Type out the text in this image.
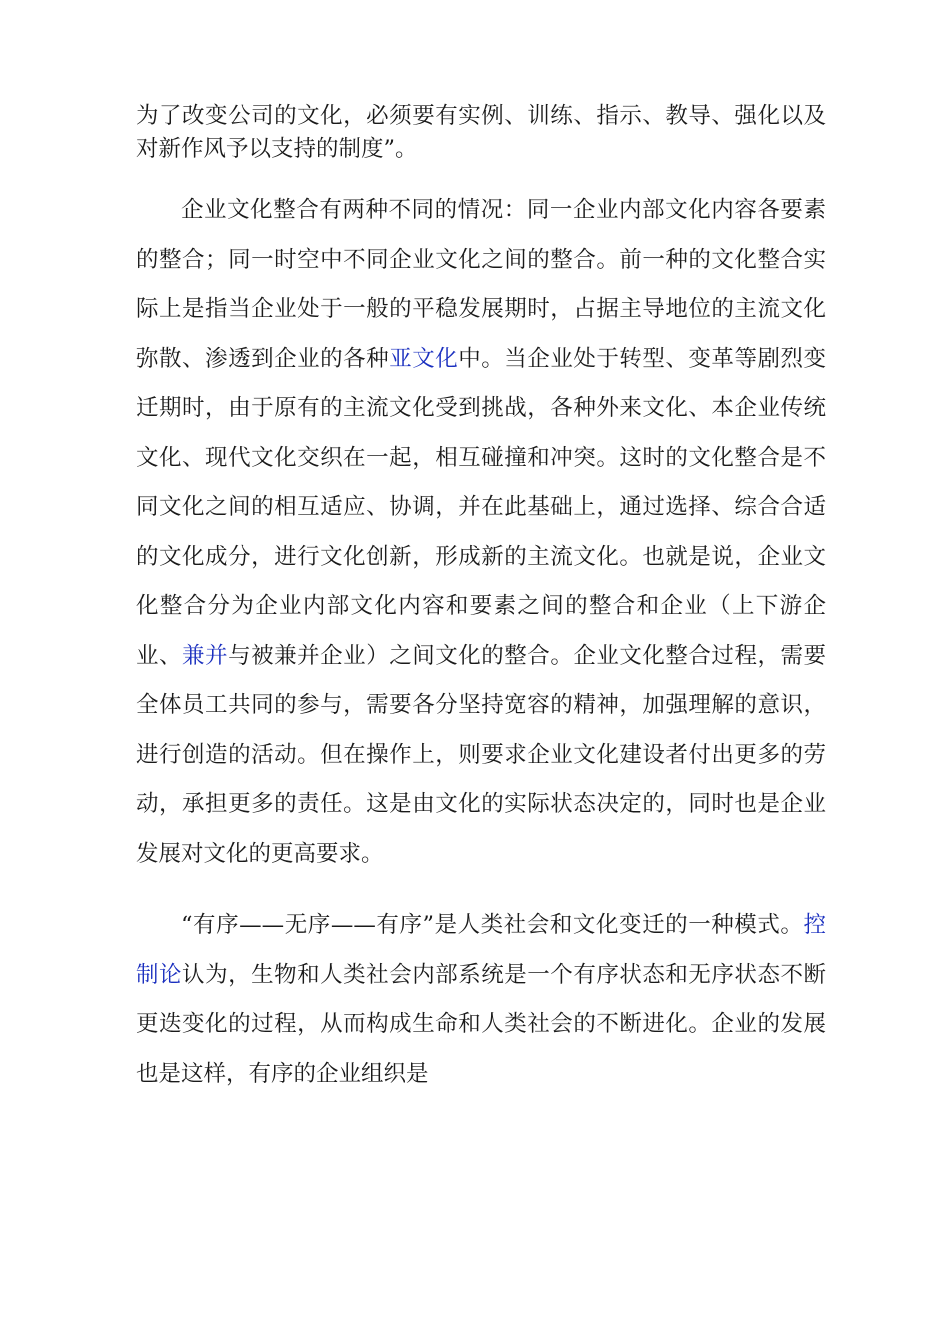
为了改变公司的文化，必须要有实例、训练、指示、教导、强化以及对新作风予以支持的制度”。

企业文化整合有两种不同的情况：同一企业内部文化内容各要素的整合；同一时空中不同企业文化之间的整合。前一种的文化整合实际上是指当企业处于一般的平稳发展期时，占据主导地位的主流文化弥散、渗透到企业的各种亚文化中。当企业处于转型、变革等剧烈变迁期时，由于原有的主流文化受到挑战，各种外来文化、本企业传统文化、现代文化交织在一起，相互碰撞和冲突。这时的文化整合是不同文化之间的相互适应、协调，并在此基础上，通过选择、综合合适的文化成分，进行文化创新，形成新的主流文化。也就是说，企业文化整合分为企业内部文化内容和要素之间的整合和企业（上下游企业、兼并与被兼并企业）之间文化的整合。企业文化整合过程，需要全体员工共同的参与，需要各分坚持宽容的精神，加强理解的意识，进行创造的活动。但在操作上，则要求企业文化建设者付出更多的劳动，承担更多的责任。这是由文化的实际状态决定的，同时也是企业发展对文化的更高要求。

“有序——无序——有序”是人类社会和文化变迁的一种模式。控制论认为，生物和人类社会内部系统是一个有序状态和无序状态不断更迭变化的过程，从而构成生命和人类社会的不断进化。企业的发展也是这样，有序的企业组织是
